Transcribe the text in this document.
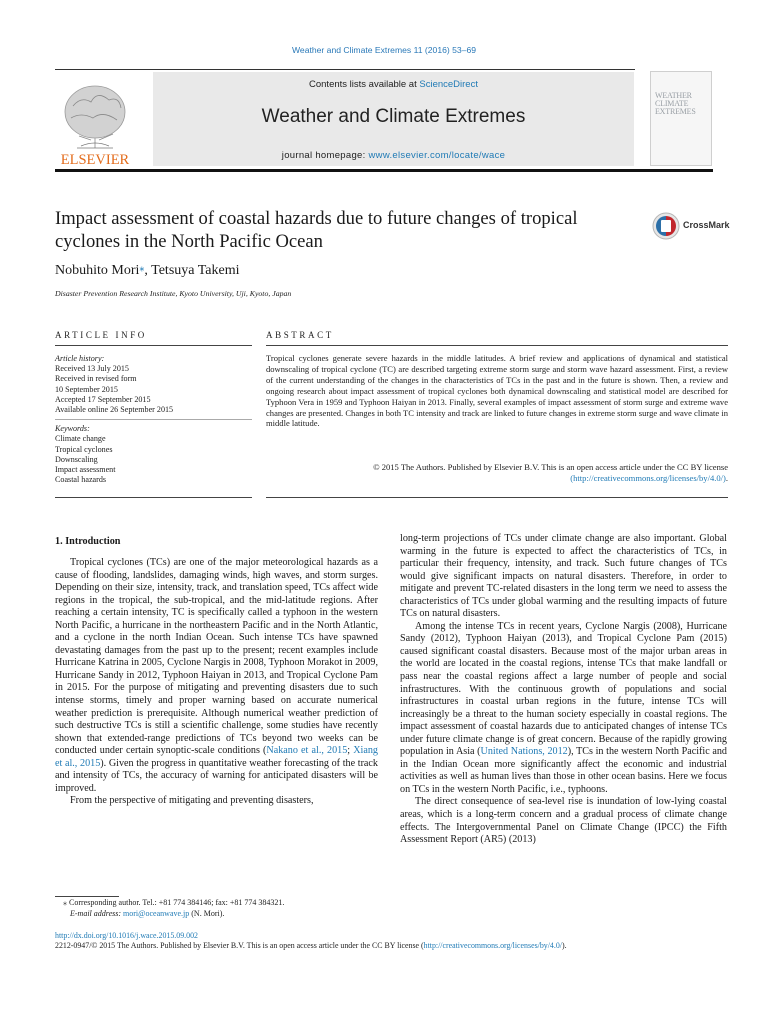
Weather and Climate Extremes 11 (2016) 53–69
ELSEVIER
Contents lists available at ScienceDirect
Weather and Climate Extremes
journal homepage: www.elsevier.com/locate/wace
WEATHER
CLIMATE
EXTREMES
Impact assessment of coastal hazards due to future changes of tropical cyclones in the North Pacific Ocean
CrossMark
Nobuhito Mori⁎, Tetsuya Takemi
Disaster Prevention Research Institute, Kyoto University, Uji, Kyoto, Japan
ARTICLE INFO
Article history:
Received 13 July 2015
Received in revised form
10 September 2015
Accepted 17 September 2015
Available online 26 September 2015
Keywords:
Climate change
Tropical cyclones
Downscaling
Impact assessment
Coastal hazards
ABSTRACT
Tropical cyclones generate severe hazards in the middle latitudes. A brief review and applications of dynamical and statistical downscaling of tropical cyclone (TC) are described targeting extreme storm surge and storm wave hazard assessment. First, a review of the current understanding of the changes in the characteristics of TCs in the past and in the future is shown. Then, a review and ongoing research about impact assessment of tropical cyclones both dynamical downscaling and statistical model are described for Typhoon Vera in 1959 and Typhoon Haiyan in 2013. Finally, several examples of impact assessment of storm surge and extreme wave changes are presented. Changes in both TC intensity and track are linked to future changes in extreme storm surge and wave climate in middle latitude.
© 2015 The Authors. Published by Elsevier B.V. This is an open access article under the CC BY license (http://creativecommons.org/licenses/by/4.0/).
1. Introduction

Tropical cyclones (TCs) are one of the major meteorological hazards as a cause of flooding, landslides, damaging winds, high waves, and storm surges. Depending on their size, intensity, track, and translation speed, TCs affect wide regions in the tropical, the sub-tropical, and the mid-latitude regions. After reaching a certain intensity, TC is specifically called a typhoon in the western North Pacific, a hurricane in the northeastern Pacific and in the North Atlantic, and a cyclone in the north Indian Ocean. Such intense TCs have spawned devastating damages from the past up to the present; recent examples include Hurricane Katrina in 2005, Cyclone Nargis in 2008, Typhoon Morakot in 2009, Hurricane Sandy in 2012, Typhoon Haiyan in 2013, and Tropical Cyclone Pam in 2015. For the purpose of mitigating and preventing disasters due to such intense storms, timely and proper warning based on accurate numerical weather prediction is prerequisite. Although numerical weather prediction of such destructive TCs is still a scientific challenge, some studies have recently shown that extended-range predictions of TCs beyond two weeks can be conducted under certain synoptic-scale conditions (Nakano et al., 2015; Xiang et al., 2015). Given the progress in quantitative weather forecasting of the track and intensity of TCs, the accuracy of warning for anticipated disasters will be improved.

From the perspective of mitigating and preventing disasters,

long-term projections of TCs under climate change are also important. Global warming in the future is expected to affect the characteristics of TCs, in particular their frequency, intensity, and track. Such future changes of TCs would give significant impacts on natural disasters. Therefore, in order to mitigate and prevent TC-related disasters in the long term we need to assess the characteristics of TCs under global warming and the resulting impacts of future TCs on natural disasters.

Among the intense TCs in recent years, Cyclone Nargis (2008), Hurricane Sandy (2012), Typhoon Haiyan (2013), and Tropical Cyclone Pam (2015) caused significant coastal disasters. Because most of the major urban areas in the world are located in the coastal regions, intense TCs that make landfall or pass near the coastal regions affect a large number of people and social infrastructures. With the continuous growth of populations and social infrastructures in coastal urban regions in the future, intense TCs will increasingly be a threat to the human society especially in coastal regions. The impact assessment of coastal hazards due to anticipated changes of intense TCs under future climate change is of great concern. Because of the rapidly growing population in Asia (United Nations, 2012), TCs in the western North Pacific and in the Indian Ocean more significantly affect the economic and industrial activities as well as human lives than those in other ocean basins. Here we focus on TCs in the western North Pacific, i.e., typhoons.

The direct consequence of sea-level rise is inundation of low-lying coastal areas, which is a long-term concern and a gradual process of climate change effects. The Intergovernmental Panel on Climate Change (IPCC) the Fifth Assessment Report (AR5) (2013)

⁎ Corresponding author. Tel.: +81 774 384146; fax: +81 774 384321.
E-mail address: mori@oceanwave.jp (N. Mori).
http://dx.doi.org/10.1016/j.wace.2015.09.002
2212-0947/© 2015 The Authors. Published by Elsevier B.V. This is an open access article under the CC BY license (http://creativecommons.org/licenses/by/4.0/).
